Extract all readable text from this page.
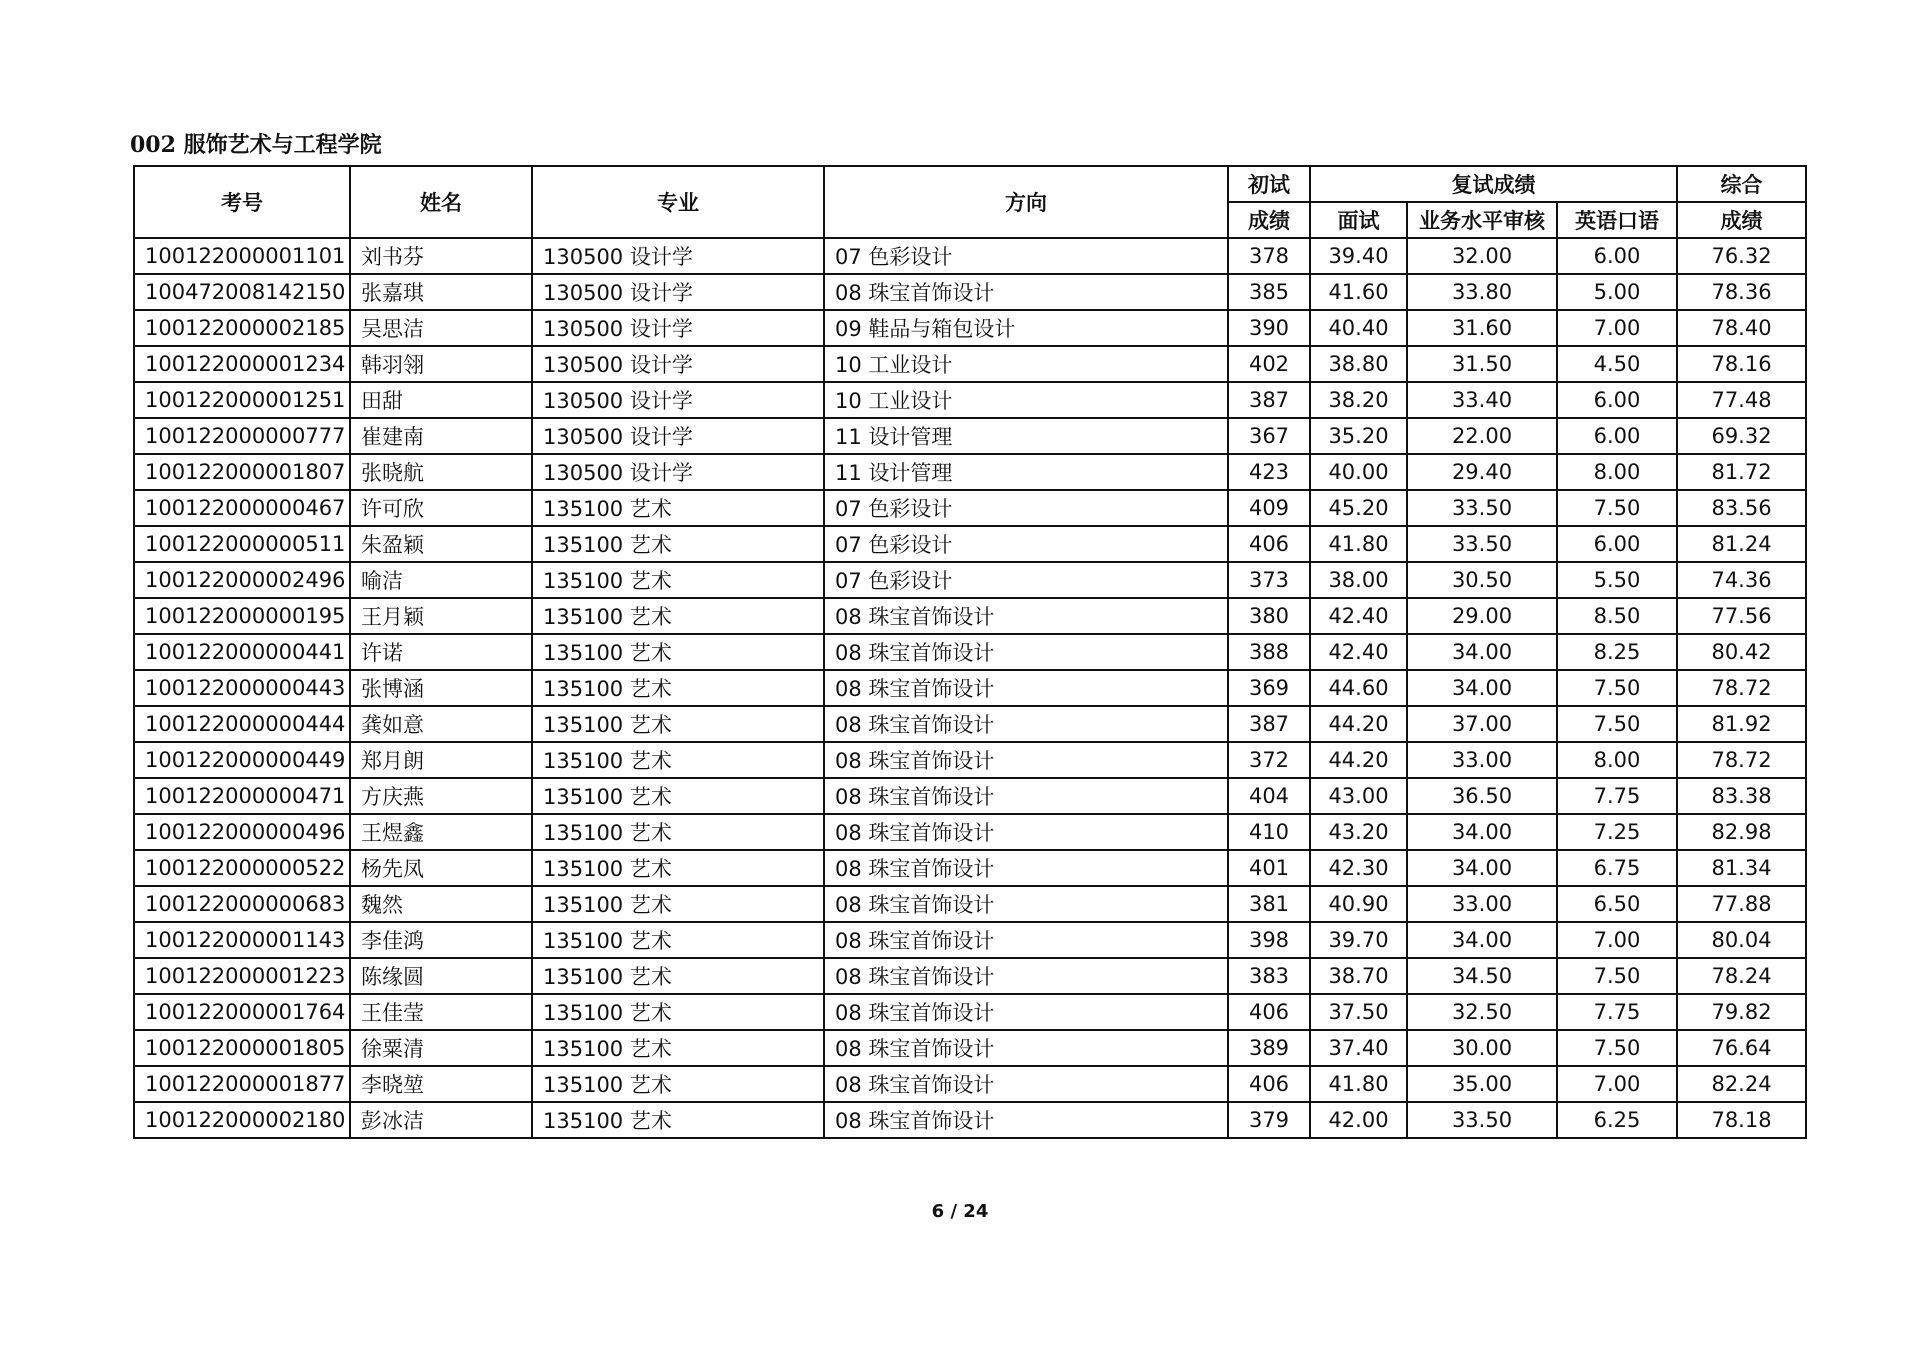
002 服饰艺术与工程学院
考号	姓名	专业	方向	初试	复试成绩			综合
				成绩	面试	业务水平审核	英语口语	成绩
100122000001101	刘书芬	130500 设计学	07 色彩设计	378	39.40	32.00	6.00	76.32
100472008142150	张嘉琪	130500 设计学	08 珠宝首饰设计	385	41.60	33.80	5.00	78.36
100122000002185	吴思洁	130500 设计学	09 鞋品与箱包设计	390	40.40	31.60	7.00	78.40
100122000001234	韩羽翎	130500 设计学	10 工业设计	402	38.80	31.50	4.50	78.16
100122000001251	田甜	130500 设计学	10 工业设计	387	38.20	33.40	6.00	77.48
100122000000777	崔建南	130500 设计学	11 设计管理	367	35.20	22.00	6.00	69.32
100122000001807	张晓航	130500 设计学	11 设计管理	423	40.00	29.40	8.00	81.72
100122000000467	许可欣	135100 艺术	07 色彩设计	409	45.20	33.50	7.50	83.56
100122000000511	朱盈颖	135100 艺术	07 色彩设计	406	41.80	33.50	6.00	81.24
100122000002496	喻洁	135100 艺术	07 色彩设计	373	38.00	30.50	5.50	74.36
100122000000195	王月颖	135100 艺术	08 珠宝首饰设计	380	42.40	29.00	8.50	77.56
100122000000441	许诺	135100 艺术	08 珠宝首饰设计	388	42.40	34.00	8.25	80.42
100122000000443	张博涵	135100 艺术	08 珠宝首饰设计	369	44.60	34.00	7.50	78.72
100122000000444	龚如意	135100 艺术	08 珠宝首饰设计	387	44.20	37.00	7.50	81.92
100122000000449	郑月朗	135100 艺术	08 珠宝首饰设计	372	44.20	33.00	8.00	78.72
100122000000471	方庆燕	135100 艺术	08 珠宝首饰设计	404	43.00	36.50	7.75	83.38
100122000000496	王煜鑫	135100 艺术	08 珠宝首饰设计	410	43.20	34.00	7.25	82.98
100122000000522	杨先凤	135100 艺术	08 珠宝首饰设计	401	42.30	34.00	6.75	81.34
100122000000683	魏然	135100 艺术	08 珠宝首饰设计	381	40.90	33.00	6.50	77.88
100122000001143	李佳鸿	135100 艺术	08 珠宝首饰设计	398	39.70	34.00	7.00	80.04
100122000001223	陈缘圆	135100 艺术	08 珠宝首饰设计	383	38.70	34.50	7.50	78.24
100122000001764	王佳莹	135100 艺术	08 珠宝首饰设计	406	37.50	32.50	7.75	79.82
100122000001805	徐粟清	135100 艺术	08 珠宝首饰设计	389	37.40	30.00	7.50	76.64
100122000001877	李晓堃	135100 艺术	08 珠宝首饰设计	406	41.80	35.00	7.00	82.24
100122000002180	彭冰洁	135100 艺术	08 珠宝首饰设计	379	42.00	33.50	6.25	78.18
6 / 24
